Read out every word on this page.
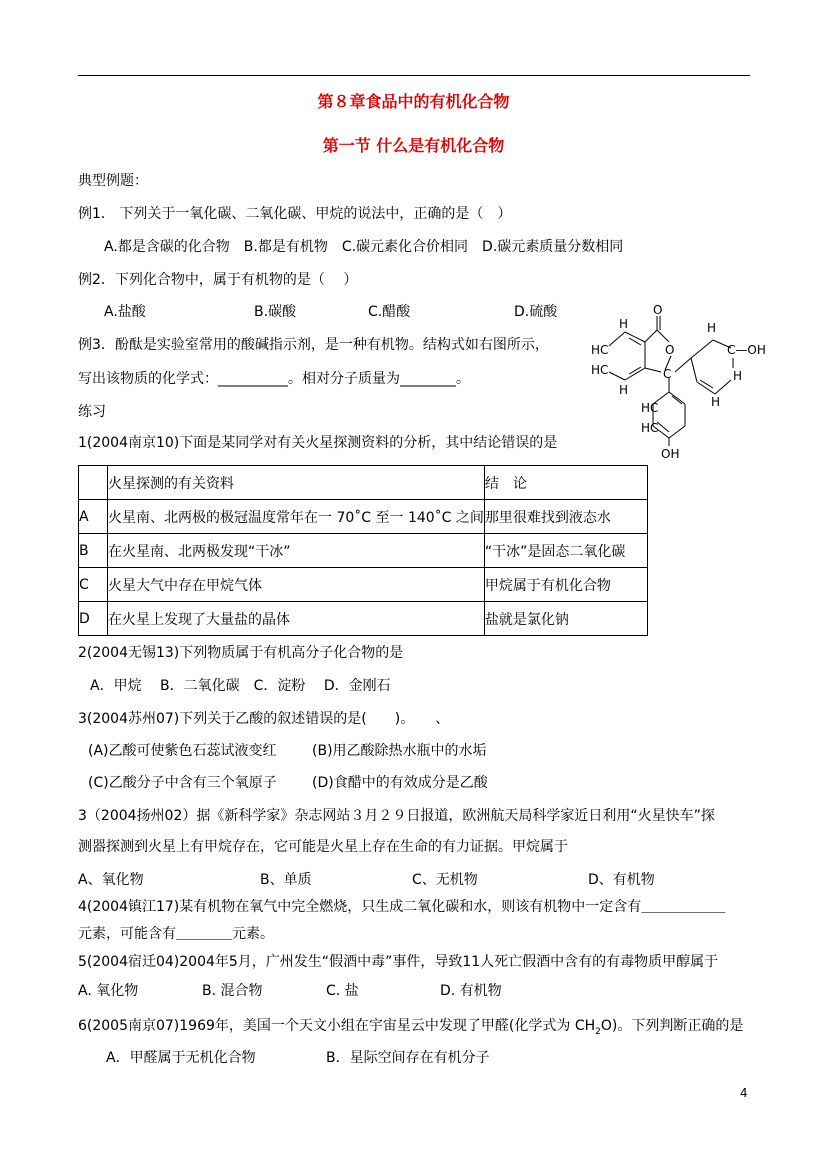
第８章食品中的有机化合物
第一节 什么是有机化合物
典型例题：
例1． 下列关于一氧化碳、二氧化碳、甲烷的说法中，正确的是（　）
A.都是含碳的化合物　B.都是有机物　C.碳元素化合价相同　D.碳元素质量分数相同
例2．下列化合物中，属于有机物的是（　 ）
A.盐酸	B.碳酸	C.醋酸	D.硫酸
例3．酚酞是实验室常用的酸碱指示剂，是一种有机物。结构式如右图所示，
写出该物质的化学式：__________。相对分子质量为________。
O
H
HC
HC
H
O
C
H
C—OH
H
H
HC
HC
OH
练习
1(2004南京10)下面是某同学对有关火星探测资料的分析，其中结论错误的是
	火星探测的有关资料	结　论
A	火星南、北两极的极冠温度常年在一 70˚C 至一 140˚C 之间	那里很难找到液态水
B	在火星南、北两极发现“干冰”	“干冰”是固态二氧化碳
C	火星大气中存在甲烷气体	甲烷属于有机化合物
D	在火星上发现了大量盐的晶体	盐就是氯化钠
2(2004无锡13)下列物质属于有机高分子化合物的是
A．甲烷　 B．二氧化碳　C．淀粉　 D．金刚石
3(2004苏州07)下列关于乙酸的叙述错误的是(　　)。　　、
(A)乙酸可使紫色石蕊试液变红	(B)用乙酸除热水瓶中的水垢
(C)乙酸分子中含有三个氧原子	(D)食醋中的有效成分是乙酸
3（2004扬州02）据《新科学家》杂志网站３月２９日报道，欧洲航天局科学家近日利用“火星快车”探
测器探测到火星上有甲烷存在，它可能是火星上存在生命的有力证据。甲烷属于
A、氧化物	B、单质	C、无机物	D、有机物
4(2004镇江17)某有机物在氧气中完全燃烧，只生成二氧化碳和水，则该有机物中一定含有＿＿＿＿＿＿
元素，可能含有＿＿＿＿元素。
5(2004宿迁04)2004年5月，广州发生“假酒中毒”事件，导致11人死亡假酒中含有的有毒物质甲醇属于
A. 氧化物	B. 混合物	C. 盐	D. 有机物
6(2005南京07)1969年，美国一个天文小组在宇宙星云中发现了甲醛(化学式为 $CH_2O$)。下列判断正确的是
A．甲醛属于无机化合物	B．星际空间存在有机分子
4
